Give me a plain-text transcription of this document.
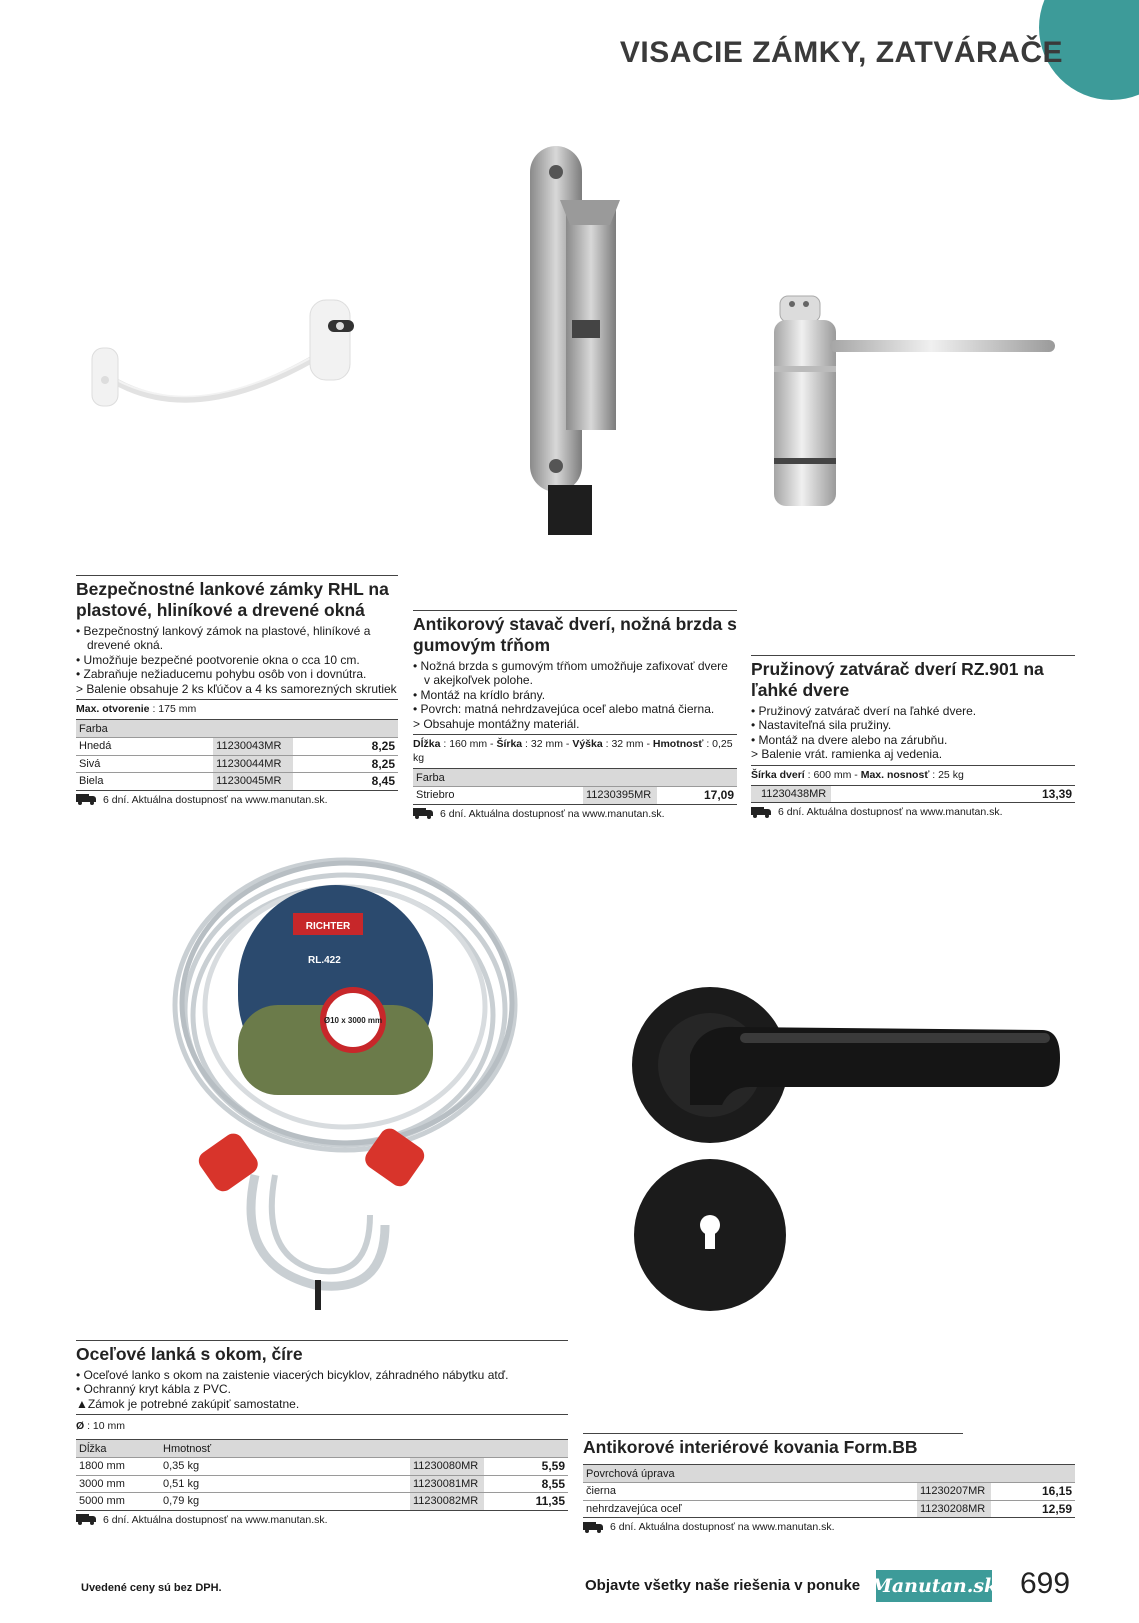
VISACIE ZÁMKY, ZATVÁRAČE
Bezpečnostné lankové zámky RHL na plastové, hliníkové a drevené okná
• Bezpečnostný lankový zámok na plastové, hliníkové a drevené okná.
• Umožňuje bezpečné pootvorenie okna o cca 10 cm.
• Zabraňuje nežiaducemu pohybu osôb von i dovnútra.
> Balenie obsahuje 2 ks kľúčov a 4 ks samorezných skrutiek
Max. otvorenie : 175 mm
Farba		
Hnedá	11230043MR	8,25
Sivá	11230044MR	8,25
Biela	11230045MR	8,45
6 dní. Aktuálna dostupnosť na www.manutan.sk.
Antikorový stavač dverí, nožná brzda s gumovým tŕňom
• Nožná brzda s gumovým tŕňom umožňuje zafixovať dvere v akejkoľvek polohe.
• Montáž na krídlo brány.
• Povrch: matná nehrdzavejúca oceľ alebo matná čierna.
> Obsahuje montážny materiál.
Dĺžka : 160 mm - Šírka : 32 mm - Výška : 32 mm - Hmotnosť : 0,25 kg
Farba
Striebro	11230395MR	17,09
6 dní. Aktuálna dostupnosť na www.manutan.sk.
Pružinový zatvárač dverí RZ.901 na ľahké dvere
• Pružinový zatvárač dverí na ľahké dvere.
• Nastaviteľná sila pružiny.
• Montáž na dvere alebo na zárubňu.
> Balenie vrát. ramienka aj vedenia.
Šírka dverí : 600 mm - Max. nosnosť : 25 kg
11230438MR	13,39
6 dní. Aktuálna dostupnosť na www.manutan.sk.
RICHTER
RL.422
Ø10 x 3000 mm
Oceľové lanká s okom, číre
• Oceľové lanko s okom na zaistenie viacerých bicyklov, záhradného nábytku atď.
• Ochranný kryt kábla z PVC.
▲Zámok je potrebné zakúpiť samostatne.
Ø : 10 mm
Dĺžka	Hmotnosť		
1800 mm	0,35 kg	11230080MR	5,59
3000 mm	0,51 kg	11230081MR	8,55
5000 mm	0,79 kg	11230082MR	11,35
6 dní. Aktuálna dostupnosť na www.manutan.sk.
Antikorové interiérové kovania Form.BB
Povrchová úprava		
čierna	11230207MR	16,15
nehrdzavejúca oceľ	11230208MR	12,59
6 dní. Aktuálna dostupnosť na www.manutan.sk.
Uvedené ceny sú bez DPH.	Objavte všetky naše riešenia v ponuke Manutan.sk 699
